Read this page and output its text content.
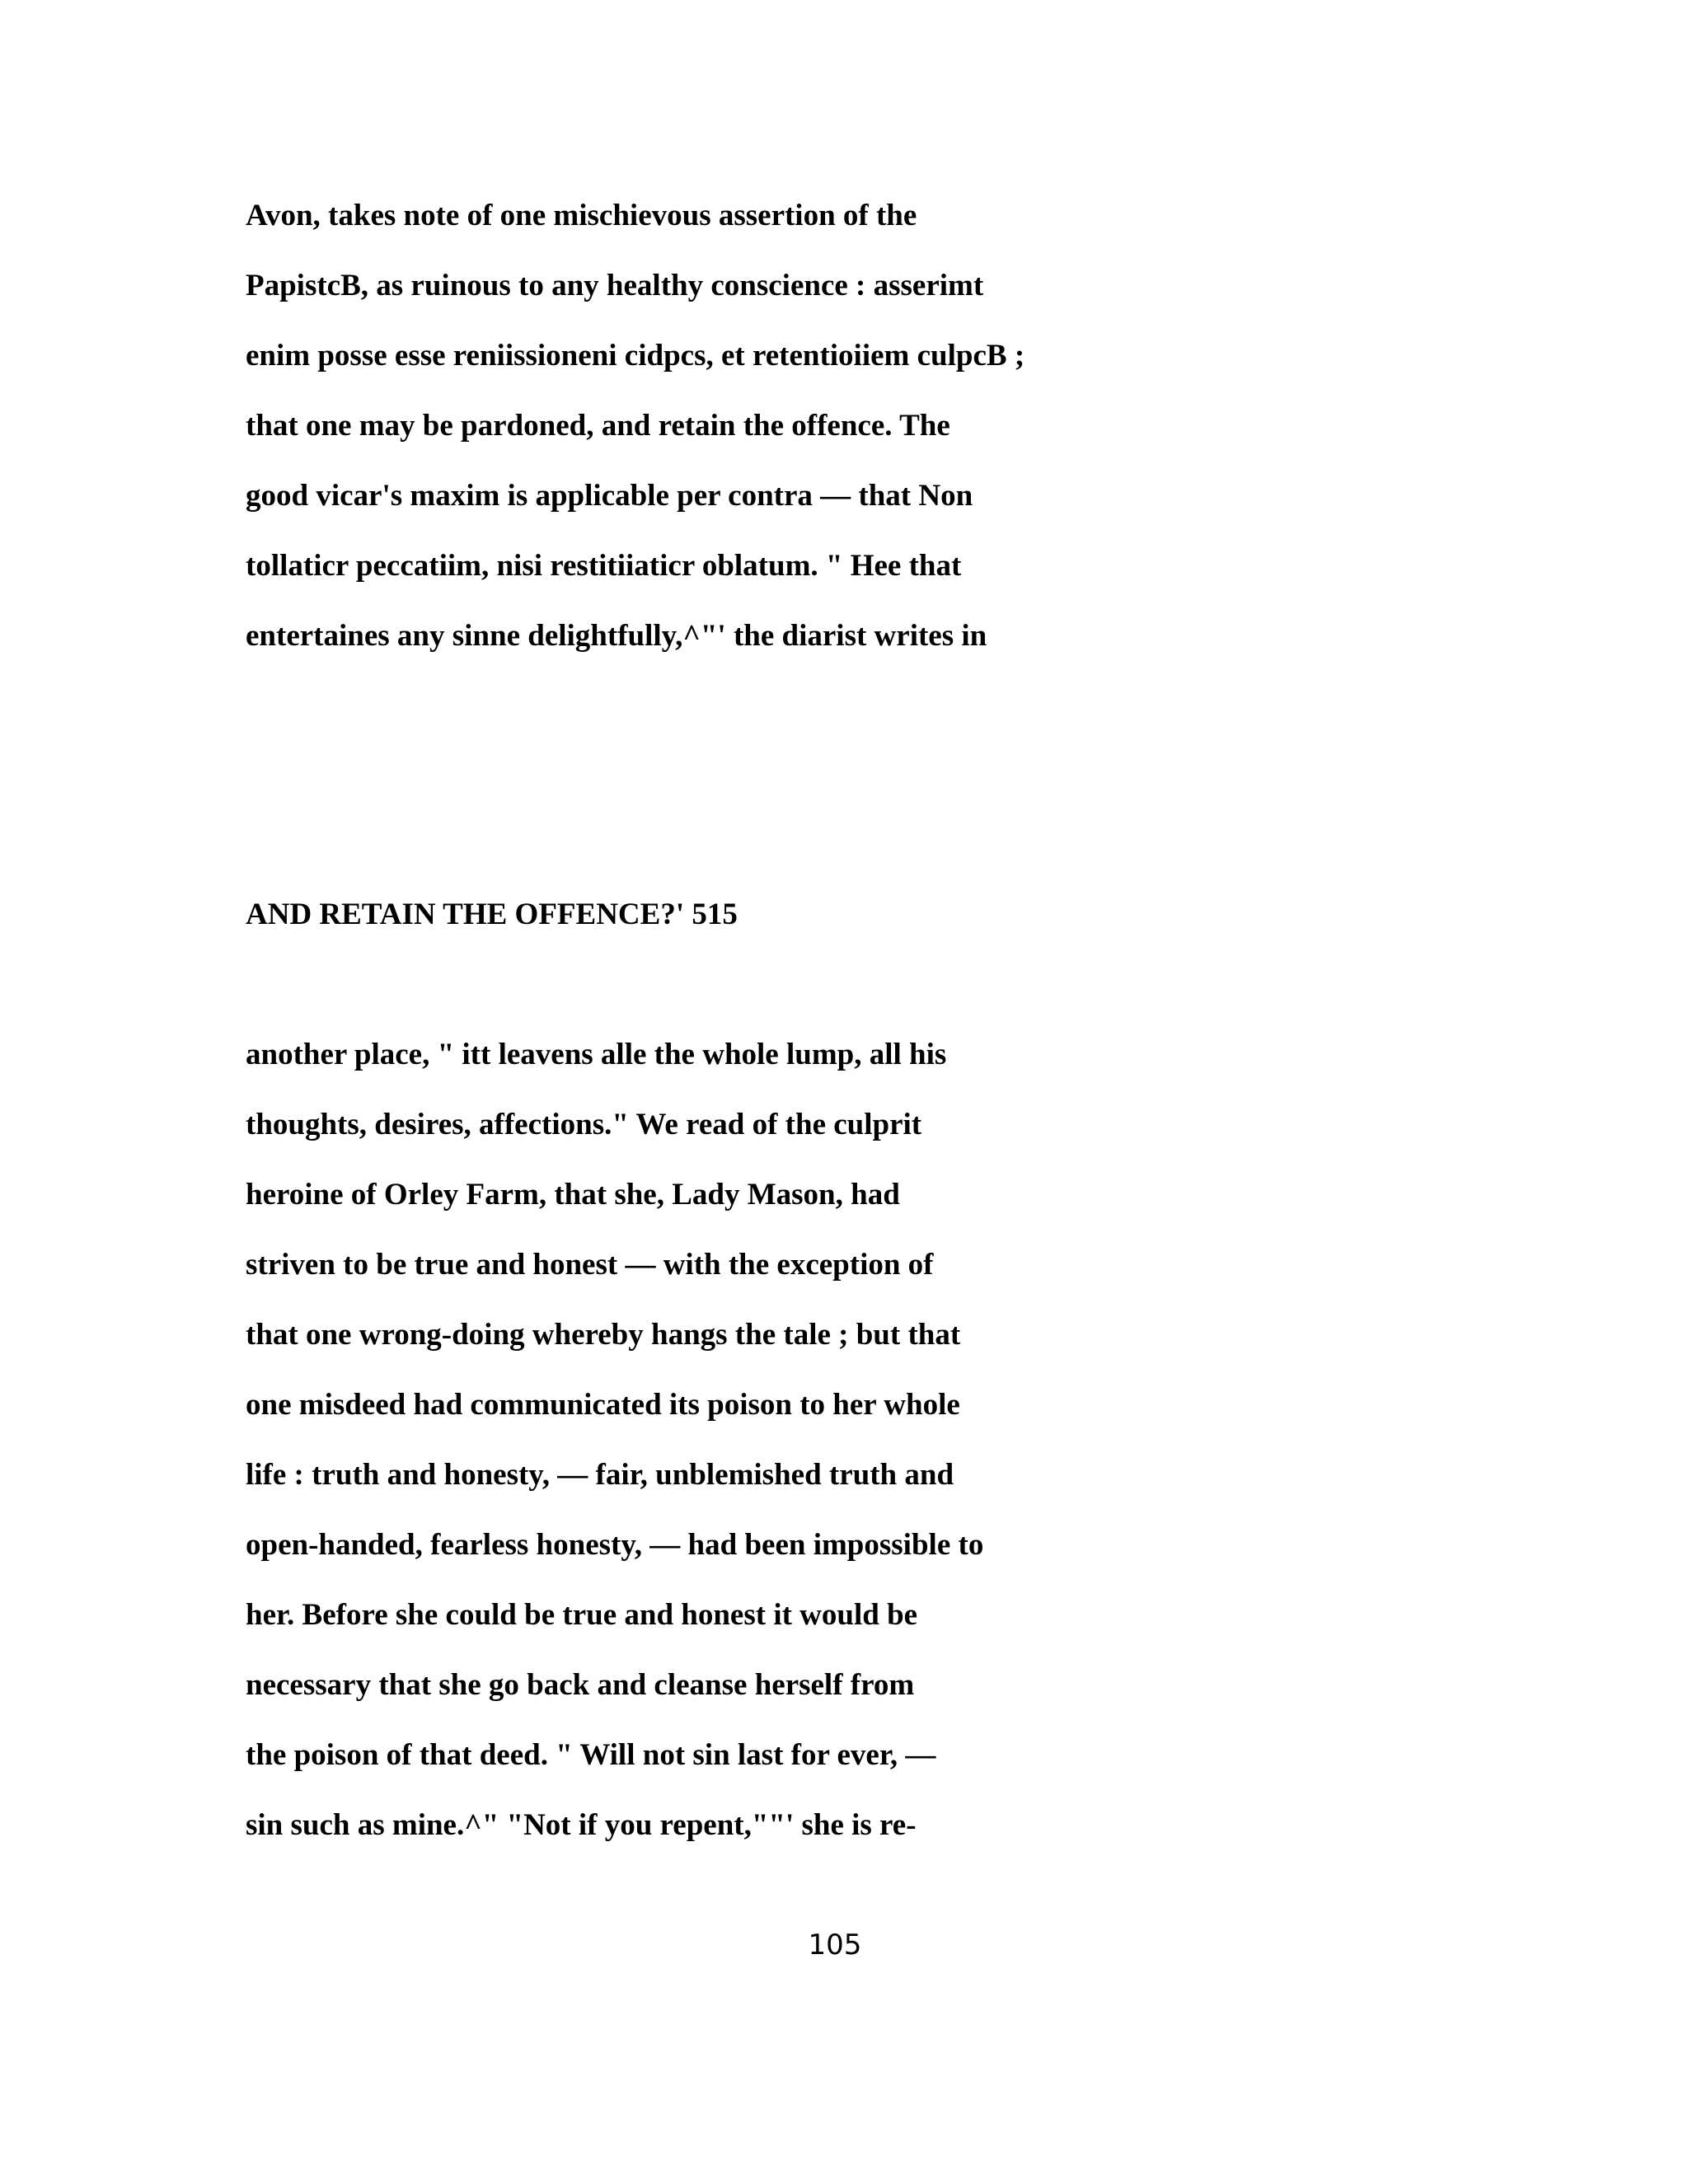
Avon, takes note of one mischievous assertion of the
PapistcB, as ruinous to any healthy conscience : asserimt
enim posse esse reniissioneni cidpcs, et retentioiiem culpcB ;
that one may be pardoned, and retain the offence. The
good vicar's maxim is applicable per contra — that Non
tollaticr peccatiim, nisi restitiiaticr oblatum. " Hee that
entertaines any sinne delightfully,^"' the diarist writes in
AND RETAIN THE OFFENCE?' 515
another place, " itt leavens alle the whole lump, all his
thoughts, desires, affections." We read of the culprit
heroine of Orley Farm, that she, Lady Mason, had
striven to be true and honest — with the exception of
that one wrong-doing whereby hangs the tale ; but that
one misdeed had communicated its poison to her whole
life : truth and honesty, — fair, unblemished truth and
open-handed, fearless honesty, — had been impossible to
her. Before she could be true and honest it would be
necessary that she go back and cleanse herself from
the poison of that deed. " Will not sin last for ever, —
sin such as mine.^" "Not if you repent,""' she is re-
105
